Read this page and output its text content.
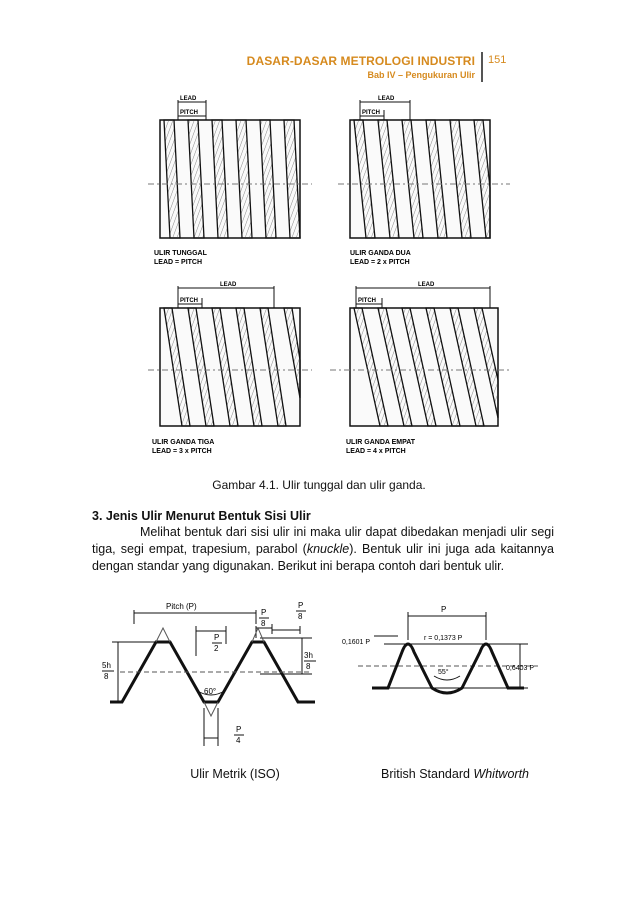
DASAR-DASAR METROLOGI INDUSTRI
Bab IV – Pengukuran Ulir
151
LEAD
PITCH
ULIR TUNGGAL
LEAD = PITCH
LEAD
PITCH
ULIR GANDA DUA
LEAD = 2 x PITCH
LEAD
PITCH
ULIR GANDA TIGA
LEAD = 3 x PITCH
LEAD
PITCH
ULIR GANDA EMPAT
LEAD = 4 x PITCH
Gambar 4.1. Ulir tunggal dan ulir ganda.
3. Jenis Ulir Menurut Bentuk Sisi Ulir
Melihat bentuk dari sisi ulir ini maka ulir dapat dibedakan menjadi ulir segi tiga, segi empat, trapesium, parabol (knuckle). Bentuk ulir ini juga ada kaitannya dengan standar yang digunakan. Berikut ini berapa contoh dari bentuk ulir.
Pitch (P)
P
2
P
8
P
8
5h
8
3h
8
60°
P
4
P
r = 0,1373 P
0,1601 P
55°
0,6403 P
Ulir Metrik (ISO)	British Standard Whitworth
